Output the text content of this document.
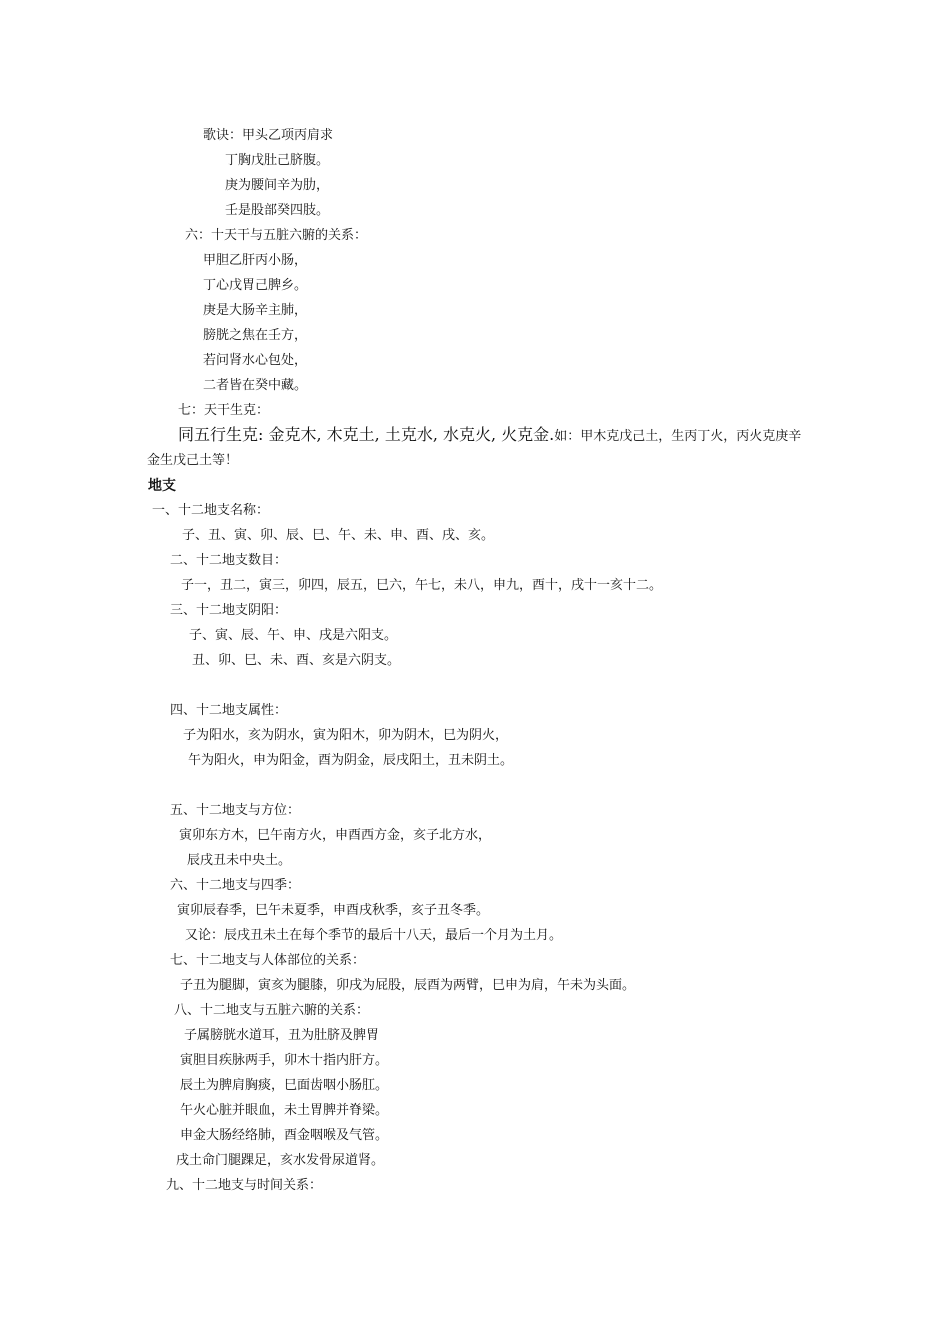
歌诀：甲头乙项丙肩求
丁胸戊肚己脐腹。
庚为腰间辛为肋，
壬是股部癸四肢。
六：十天干与五脏六腑的关系：
甲胆乙肝丙小肠，
丁心戊胃己脾乡。
庚是大肠辛主肺，
膀胱之焦在壬方，
若问肾水心包处，
二者皆在癸中藏。
七：天干生克：
同五行生克: 金克木, 木克土, 土克水, 水克火, 火克金.如：甲木克戊己土，生丙丁火，丙火克庚辛
金生戊己土等！
地支
一、十二地支名称：
子、丑、寅、卯、辰、巳、午、未、申、酉、戌、亥。
二、十二地支数目：
子一，丑二，寅三，卯四，辰五，巳六，午七，未八，申九，酉十，戌十一亥十二。
三、十二地支阴阳：
子、寅、辰、午、申、戌是六阳支。
丑、卯、巳、未、酉、亥是六阴支。
四、十二地支属性：
子为阳水，亥为阴水，寅为阳木，卯为阴木，巳为阴火，
午为阳火，申为阳金，酉为阴金，辰戌阳土，丑未阴土。
五、十二地支与方位：
寅卯东方木，巳午南方火，申酉西方金，亥子北方水，
辰戌丑未中央土。
六、十二地支与四季：
寅卯辰春季，巳午未夏季，申酉戌秋季，亥子丑冬季。
又论：辰戌丑未土在每个季节的最后十八天，最后一个月为土月。
七、十二地支与人体部位的关系：
子丑为腿脚，寅亥为腿膝，卯戌为屁股，辰酉为两臂，巳申为肩，午未为头面。
八、十二地支与五脏六腑的关系：
子属膀胱水道耳，丑为肚脐及脾胃
寅胆目疾脉两手，卯木十指内肝方。
辰土为脾肩胸痰，巳面齿咽小肠肛。
午火心脏并眼血，未土胃脾并脊梁。
申金大肠经络肺，酉金咽喉及气管。
戌土命门腿踝足，亥水发骨尿道肾。
九、十二地支与时间关系：
